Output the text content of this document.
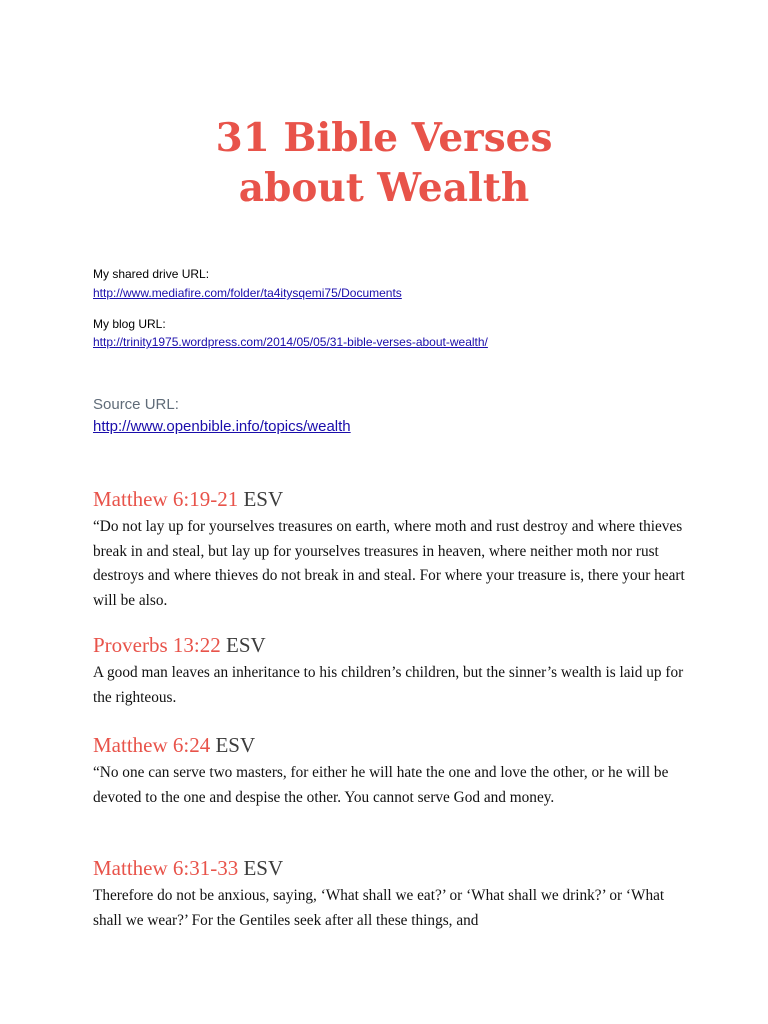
31 Bible Verses
about Wealth
My shared drive URL:
http://www.mediafire.com/folder/ta4itysqemi75/Documents
My blog URL:
http://trinity1975.wordpress.com/2014/05/05/31-bible-verses-about-wealth/
Source URL:
http://www.openbible.info/topics/wealth

Matthew 6:19-21 ESV

“Do not lay up for yourselves treasures on earth, where moth and rust destroy and where thieves break in and steal, but lay up for yourselves treasures in heaven, where neither moth nor rust destroys and where thieves do not break in and steal. For where your treasure is, there your heart will be also.

Proverbs 13:22 ESV

A good man leaves an inheritance to his children’s children, but the sinner’s wealth is laid up for the righteous.

Matthew 6:24 ESV

“No one can serve two masters, for either he will hate the one and love the other, or he will be devoted to the one and despise the other. You cannot serve God and money.

Matthew 6:31-33 ESV

Therefore do not be anxious, saying, ‘What shall we eat?’ or ‘What shall we drink?’ or ‘What shall we wear?’ For the Gentiles seek after all these things, and
